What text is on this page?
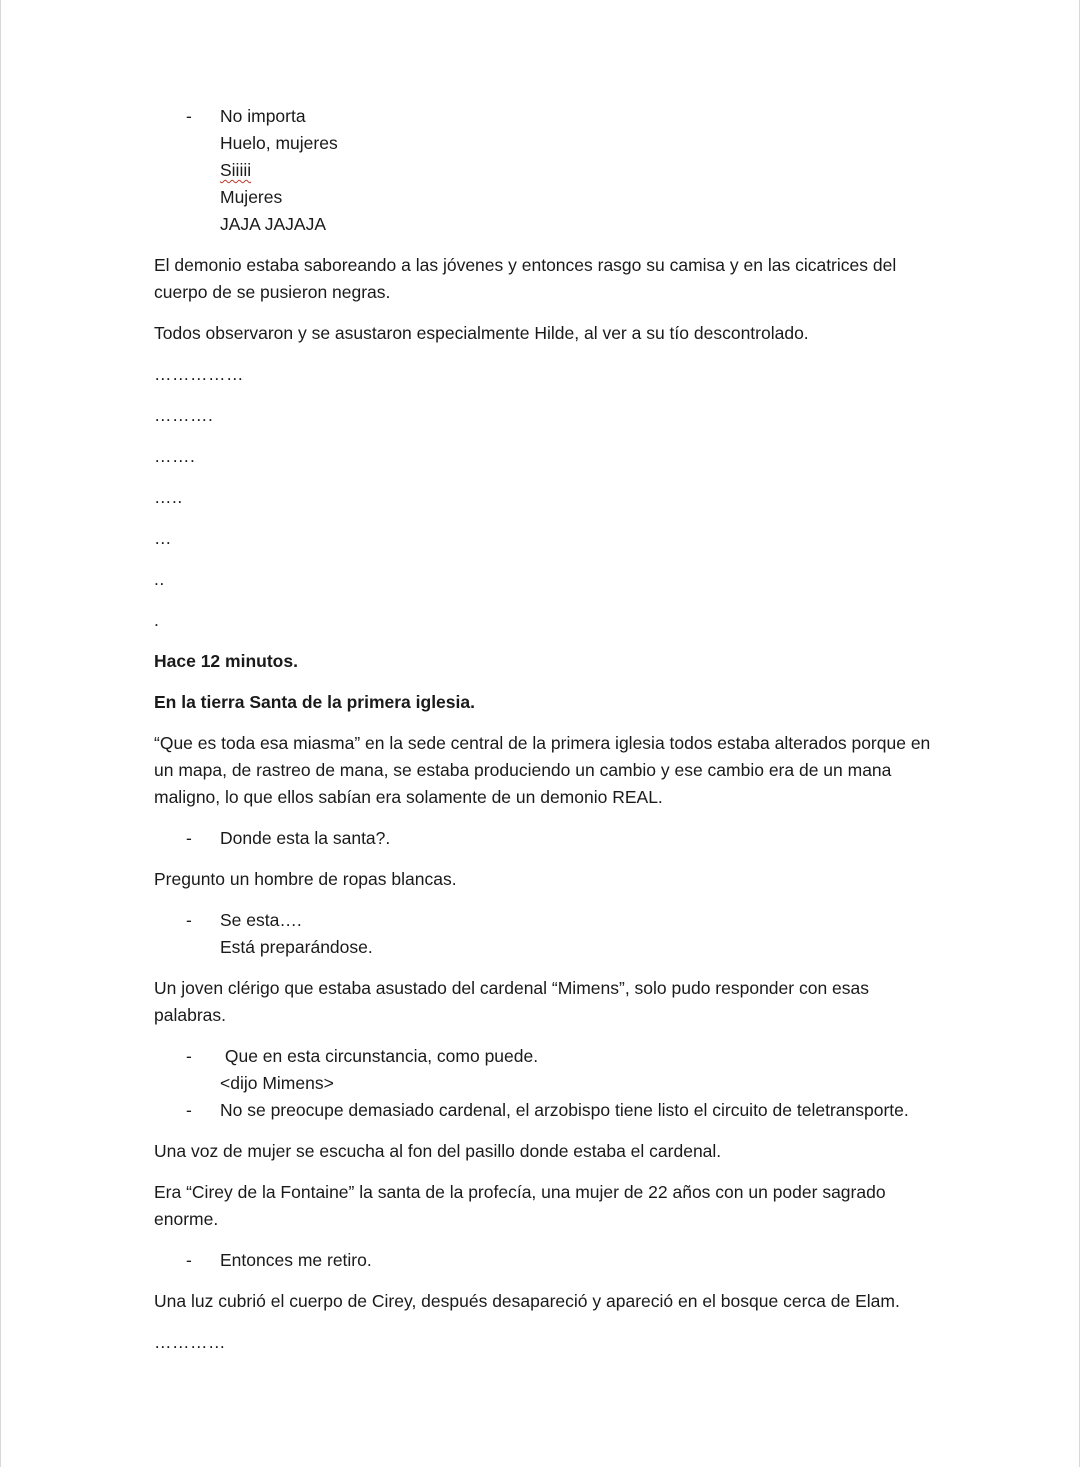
- No importa
Huelo, mujeres
Siiiii
Mujeres
JAJA JAJAJA

El demonio estaba saboreando a las jóvenes y entonces rasgo su camisa y en las cicatrices del cuerpo de se pusieron negras.

Todos observaron y se asustaron especialmente Hilde, al ver a su tío descontrolado.

……………
……….
…….
…..
…
..
.

Hace 12 minutos.

En la tierra Santa de la primera iglesia.

“Que es toda esa miasma” en la sede central de la primera iglesia todos estaba alterados porque en un mapa, de rastreo de mana, se estaba produciendo un cambio y ese cambio era de un mana maligno, lo que ellos sabían era solamente de un demonio REAL.

- Donde esta la santa?.

Pregunto un hombre de ropas blancas.

- Se esta….
Está preparándose.

Un joven clérigo que estaba asustado del cardenal “Mimens”, solo pudo responder con esas palabras.

- Que en esta circunstancia, como puede.
<dijo Mimens>
- No se preocupe demasiado cardenal, el arzobispo tiene listo el circuito de teletransporte.

Una voz de mujer se escucha al fon del pasillo donde estaba el cardenal.

Era “Cirey de la Fontaine” la santa de la profecía, una mujer de 22 años con un poder sagrado enorme.

- Entonces me retiro.

Una luz cubrió el cuerpo de Cirey, después desapareció y apareció en el bosque cerca de Elam.

…………
